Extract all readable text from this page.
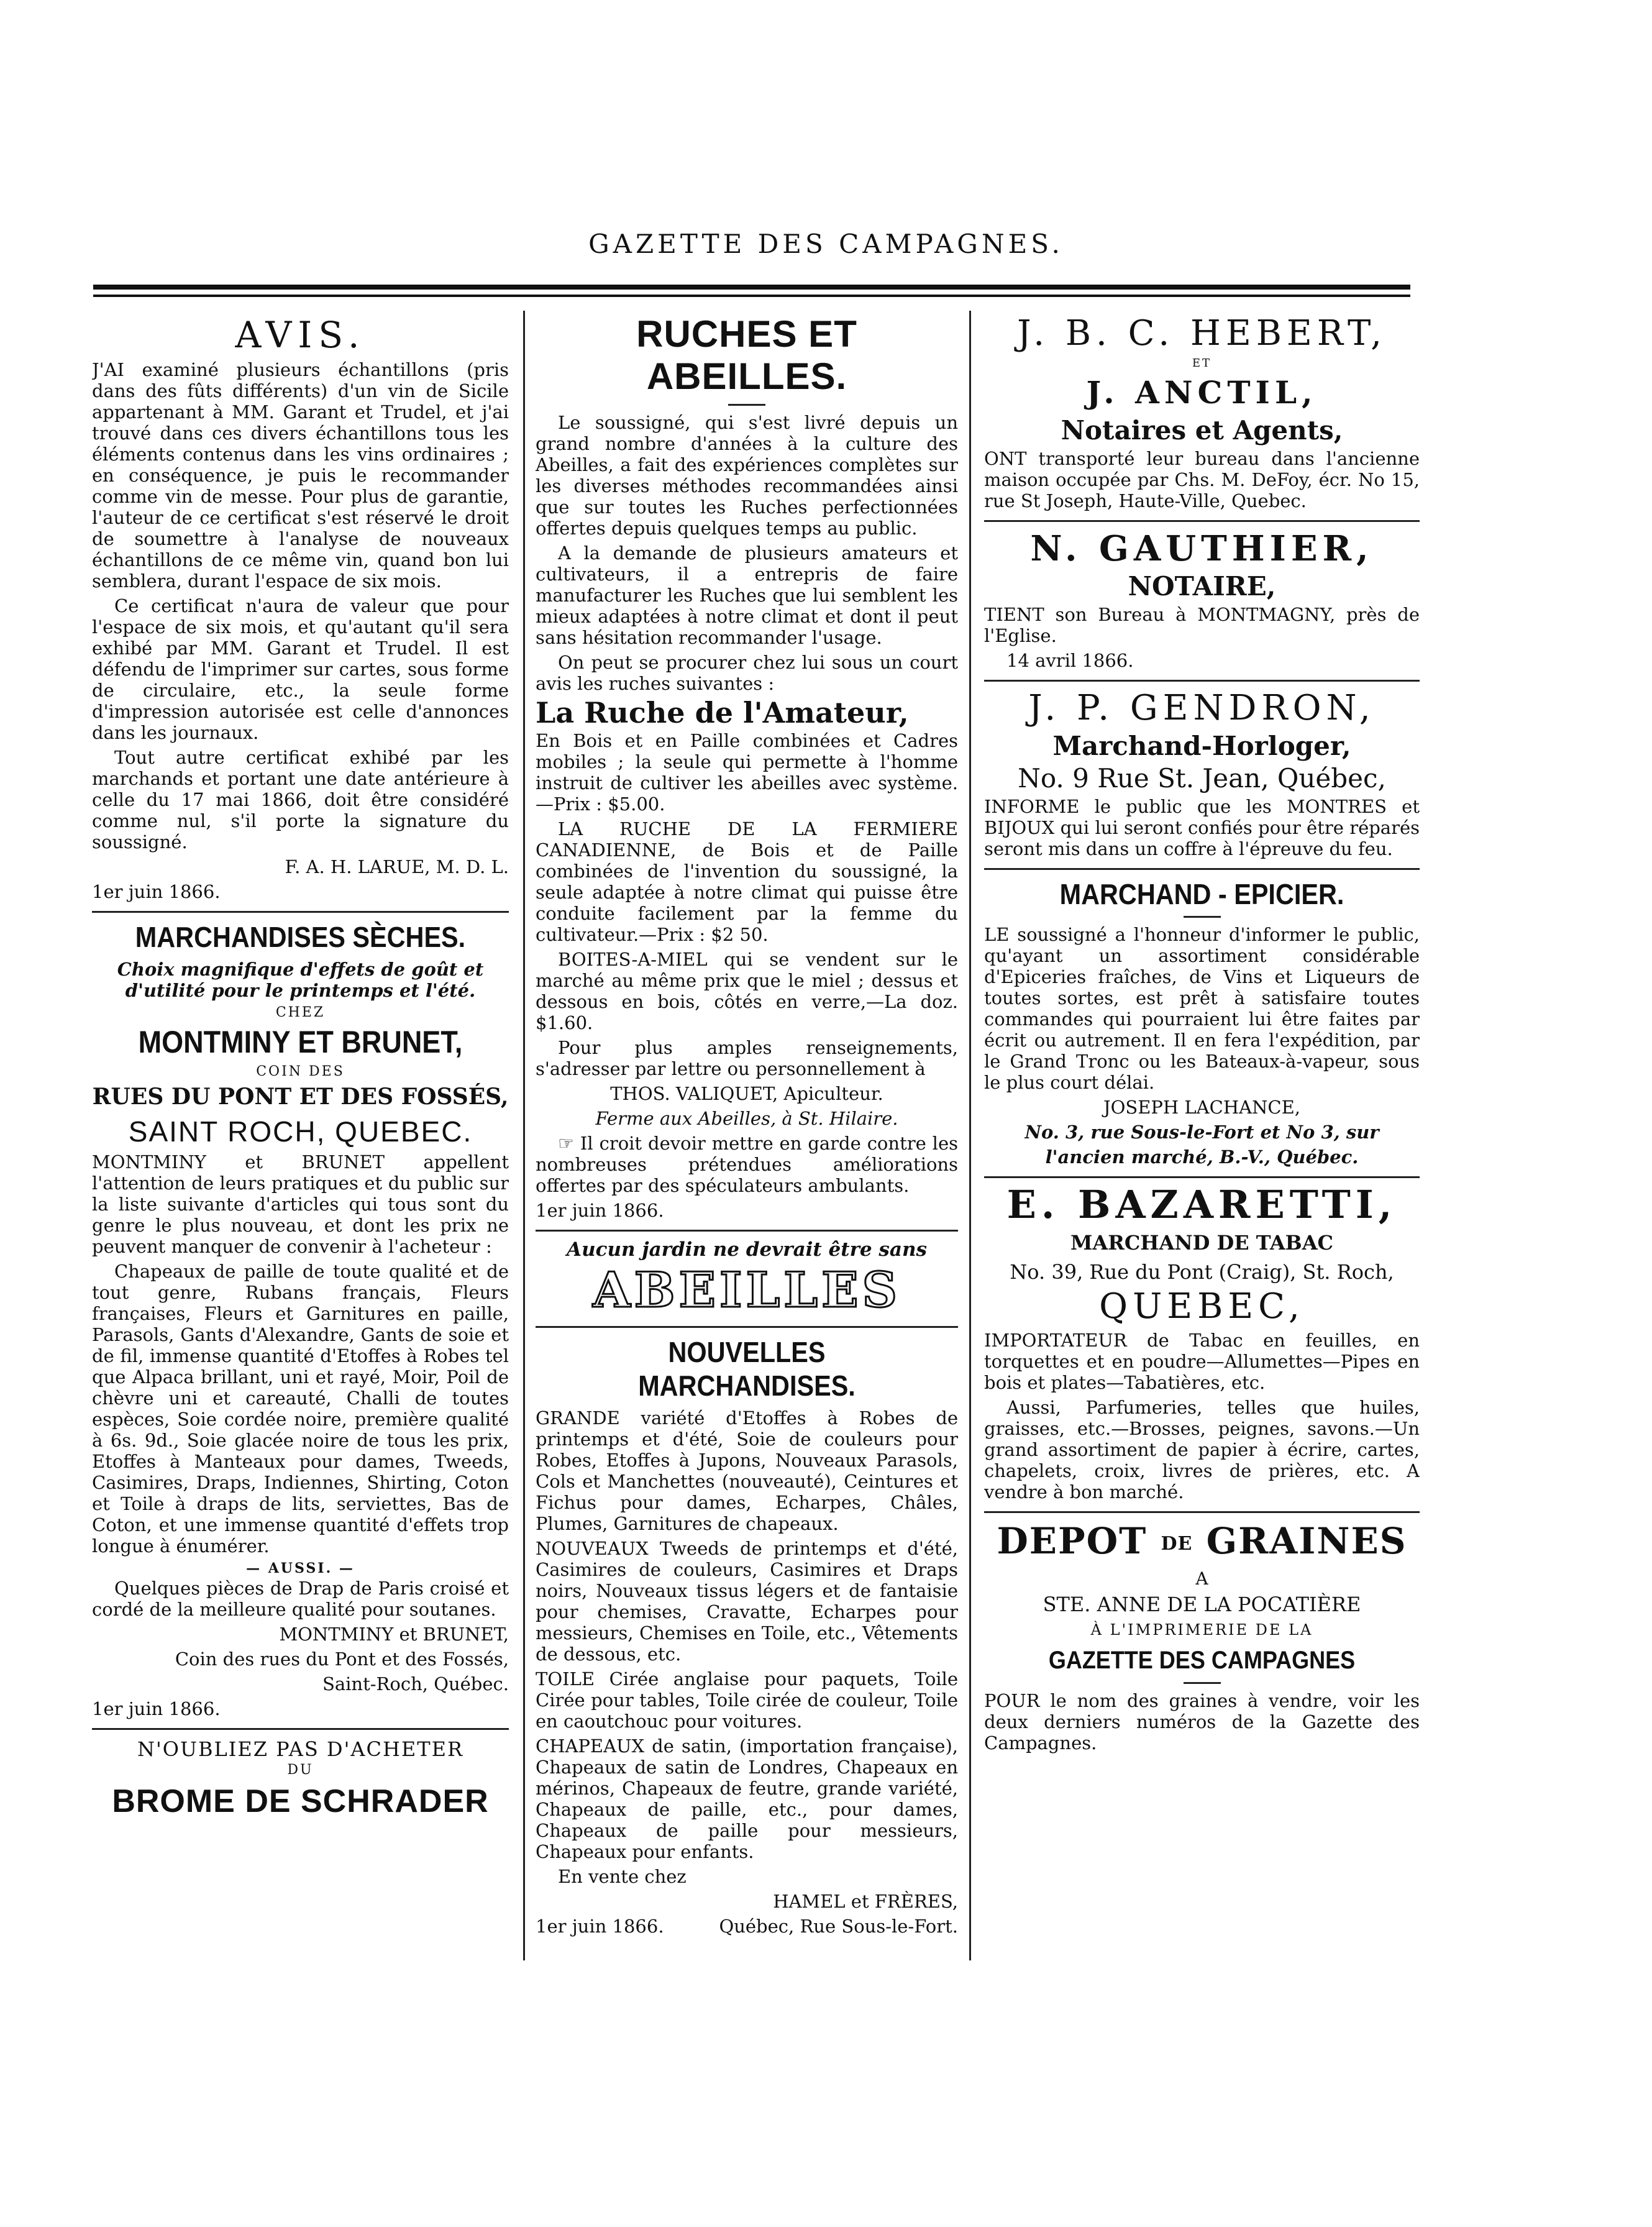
GAZETTE DES CAMPAGNES.
AVIS.

J'AI examiné plusieurs échantillons (pris dans des fûts différents) d'un vin de Sicile appartenant à MM. Garant et Trudel, et j'ai trouvé dans ces divers échantillons tous les éléments contenus dans les vins ordinaires ; en conséquence, je puis le recommander comme vin de messe. Pour plus de garantie, l'auteur de ce certificat s'est réservé le droit de soumettre à l'analyse de nouveaux échantillons de ce même vin, quand bon lui semblera, durant l'espace de six mois.

Ce certificat n'aura de valeur que pour l'espace de six mois, et qu'autant qu'il sera exhibé par MM. Garant et Trudel. Il est défendu de l'imprimer sur cartes, sous forme de circulaire, etc., la seule forme d'impression autorisée est celle d'annonces dans les journaux.

Tout autre certificat exhibé par les marchands et portant une date antérieure à celle du 17 mai 1866, doit être considéré comme nul, s'il porte la signature du soussigné.

F. A. H. LARUE, M. D. L.

1er juin 1866.

MARCHANDISES SÈCHES.

Choix magnifique d'effets de goût et d'utilité pour le printemps et l'été.

CHEZ
MONTMINY ET BRUNET,
COIN DES
RUES DU PONT ET DES FOSSÉS,
SAINT ROCH, QUEBEC.

MONTMINY et BRUNET appellent l'attention de leurs pratiques et du public sur la liste suivante d'articles qui tous sont du genre le plus nouveau, et dont les prix ne peuvent manquer de convenir à l'acheteur :

Chapeaux de paille de toute qualité et de tout genre, Rubans français, Fleurs françaises, Fleurs et Garnitures en paille, Parasols, Gants d'Alexandre, Gants de soie et de fil, immense quantité d'Etoffes à Robes tel que Alpaca brillant, uni et rayé, Moir, Poil de chèvre uni et careauté, Challi de toutes espèces, Soie cordée noire, première qualité à 6s. 9d., Soie glacée noire de tous les prix, Etoffes à Manteaux pour dames, Tweeds, Casimires, Draps, Indiennes, Shirting, Coton et Toile à draps de lits, serviettes, Bas de Coton, et une immense quantité d'effets trop longue à énumérer.

— AUSSI. —

Quelques pièces de Drap de Paris croisé et cordé de la meilleure qualité pour soutanes.

MONTMINY et BRUNET,

Coin des rues du Pont et des Fossés,

Saint-Roch, Québec.

1er juin 1866.

N'OUBLIEZ PAS D'ACHETER
DU
BROME DE SCHRADER
RUCHES ET ABEILLES.

Le soussigné, qui s'est livré depuis un grand nombre d'années à la culture des Abeilles, a fait des expériences complètes sur les diverses méthodes recommandées ainsi que sur toutes les Ruches perfectionnées offertes depuis quelques temps au public.

A la demande de plusieurs amateurs et cultivateurs, il a entrepris de faire manufacturer les Ruches que lui semblent les mieux adaptées à notre climat et dont il peut sans hésitation recommander l'usage.

On peut se procurer chez lui sous un court avis les ruches suivantes :

La Ruche de l'Amateur,

En Bois et en Paille combinées et Cadres mobiles ; la seule qui permette à l'homme instruit de cultiver les abeilles avec système.—Prix : $5.00.

LA RUCHE DE LA FERMIERE CANADIENNE, de Bois et de Paille combinées de l'invention du soussigné, la seule adaptée à notre climat qui puisse être conduite facilement par la femme du cultivateur.—Prix : $2 50.

BOITES-A-MIEL qui se vendent sur le marché au même prix que le miel ; dessus et dessous en bois, côtés en verre,—La doz. $1.60.

Pour plus amples renseignements, s'adresser par lettre ou personnellement à

THOS. VALIQUET, Apiculteur.

Ferme aux Abeilles, à St. Hilaire.

☞ Il croit devoir mettre en garde contre les nombreuses prétendues améliorations offertes par des spéculateurs ambulants.

1er juin 1866.

Aucun jardin ne devrait être sans

ABEILLES
NOUVELLES MARCHANDISES.

GRANDE variété d'Etoffes à Robes de printemps et d'été, Soie de couleurs pour Robes, Etoffes à Jupons, Nouveaux Parasols, Cols et Manchettes (nouveauté), Ceintures et Fichus pour dames, Echarpes, Châles, Plumes, Garnitures de chapeaux.

NOUVEAUX Tweeds de printemps et d'été, Casimires de couleurs, Casimires et Draps noirs, Nouveaux tissus légers et de fantaisie pour chemises, Cravatte, Echarpes pour messieurs, Chemises en Toile, etc., Vêtements de dessous, etc.

TOILE Cirée anglaise pour paquets, Toile Cirée pour tables, Toile cirée de couleur, Toile en caoutchouc pour voitures.

CHAPEAUX de satin, (importation française), Chapeaux de satin de Londres, Chapeaux en mérinos, Chapeaux de feutre, grande variété, Chapeaux de paille, etc., pour dames, Chapeaux de paille pour messieurs, Chapeaux pour enfants.

En vente chez

HAMEL et FRÈRES,

1er juin 1866.	Québec, Rue Sous-le-Fort.

J. B. C. HEBERT,
ET
J. ANCTIL,
Notaires et Agents,

ONT transporté leur bureau dans l'ancienne maison occupée par Chs. M. DeFoy, écr. No 15, rue St Joseph, Haute-Ville, Quebec.

N. GAUTHIER,
NOTAIRE,

TIENT son Bureau à MONTMAGNY, près de l'Eglise.

14 avril 1866.

J. P. GENDRON,
Marchand-Horloger,
No. 9 Rue St. Jean, Québec,

INFORME le public que les MONTRES et BIJOUX qui lui seront confiés pour être réparés seront mis dans un coffre à l'épreuve du feu.

MARCHAND - EPICIER.

LE soussigné a l'honneur d'informer le public, qu'ayant un assortiment considérable d'Epiceries fraîches, de Vins et Liqueurs de toutes sortes, est prêt à satisfaire toutes commandes qui pourraient lui être faites par écrit ou autrement. Il en fera l'expédition, par le Grand Tronc ou les Bateaux-à-vapeur, sous le plus court délai.

JOSEPH LACHANCE,

No. 3, rue Sous-le-Fort et No 3, sur

l'ancien marché, B.-V., Québec.

E. BAZARETTI,
MARCHAND DE TABAC
No. 39, Rue du Pont (Craig), St. Roch,
QUEBEC,

IMPORTATEUR de Tabac en feuilles, en torquettes et en poudre—Allumettes—Pipes en bois et plates—Tabatières, etc.

Aussi, Parfumeries, telles que huiles, graisses, etc.—Brosses, peignes, savons.—Un grand assortiment de papier à écrire, cartes, chapelets, croix, livres de prières, etc. A vendre à bon marché.

DEPOT DE GRAINES
A
STE. ANNE DE LA POCATIÈRE
À L'IMPRIMERIE DE LA
GAZETTE DES CAMPAGNES

POUR le nom des graines à vendre, voir les deux derniers numéros de la Gazette des Campagnes.
